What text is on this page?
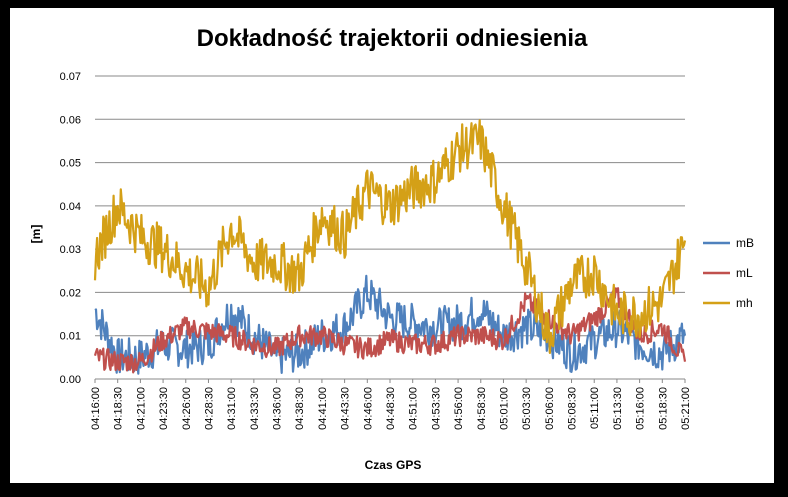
Dokładność trajektorii odniesienia
0.00
0.01
0.02
0.03
0.04
0.05
0.06
0.07
04:16:00 04:18:30 04:21:00 04:23:30 04:26:00 04:28:30 04:31:00 04:33:30 04:36:00 04:38:30 04:41:00 04:43:30 04:46:00 04:48:30 04:51:00 04:53:30 04:56:00 04:58:30 05:01:00 05:03:30 05:06:00 05:08:30 05:11:00 05:13:30 05:16:00 05:18:30 05:21:00
[m]
Czas GPS
mB
mL
mh
